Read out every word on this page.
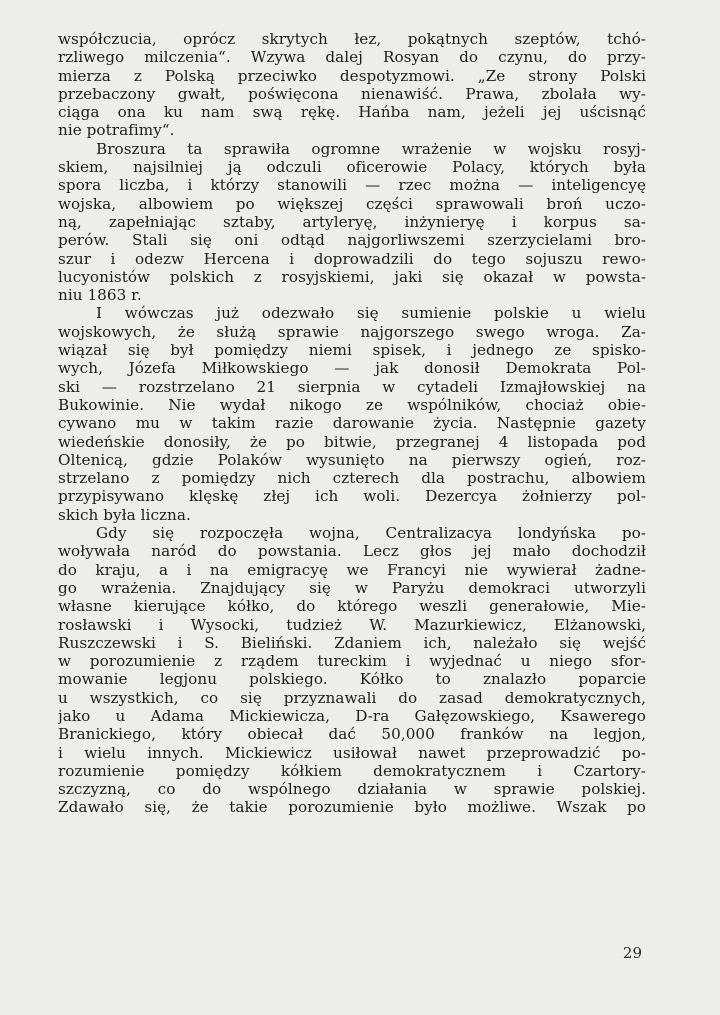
współczucia, oprócz skrytych łez, pokątnych szeptów, tchó-
rzliwego milczenia“. Wzywa dalej Rosyan do czynu, do przy-
mierza z Polską przeciwko despotyzmowi. „Ze strony Polski
przebaczony gwałt, poświęcona nienawiść. Prawa, zbolała wy-
ciąga ona ku nam swą rękę. Hańba nam, jeżeli jej uścisnąć
nie potrafimy“.
Broszura ta sprawiła ogromne wrażenie w wojsku rosyj-
skiem, najsilniej ją odczuli oficerowie Polacy, których była
spora liczba, i którzy stanowili — rzec można — inteligencyę
wojska, albowiem po większej części sprawowali broń uczo-
ną, zapełniając sztaby, artyleryę, inżynieryę i korpus sa-
perów. Stali się oni odtąd najgorliwszemi szerzycielami bro-
szur i odezw Hercena i doprowadzili do tego sojuszu rewo-
lucyonistów polskich z rosyjskiemi, jaki się okazał w powsta-
niu 1863 r.
I wówczas już odezwało się sumienie polskie u wielu
wojskowych, że służą sprawie najgorszego swego wroga. Za-
wiązał się był pomiędzy niemi spisek, i jednego ze spisko-
wych, Józefa Miłkowskiego — jak donosił Demokrata Pol-
ski — rozstrzelano 21 sierpnia w cytadeli Izmajłowskiej na
Bukowinie. Nie wydał nikogo ze wspólników, chociaż obie-
cywano mu w takim razie darowanie życia. Następnie gazety
wiedeńskie donosiły, że po bitwie, przegranej 4 listopada pod
Oltenicą, gdzie Polaków wysunięto na pierwszy ogień, roz-
strzelano z pomiędzy nich czterech dla postrachu, albowiem
przypisywano klęskę złej ich woli. Dezercya żołnierzy pol-
skich była liczna.
Gdy się rozpoczęła wojna, Centralizacya londyńska po-
woływała naród do powstania. Lecz głos jej mało dochodził
do kraju, a i na emigracyę we Francyi nie wywierał żadne-
go wrażenia. Znajdujący się w Paryżu demokraci utworzyli
własne kierujące kółko, do którego weszli generałowie, Mie-
rosławski i Wysocki, tudzież W. Mazurkiewicz, Elżanowski,
Ruszczewski i S. Bieliński. Zdaniem ich, należało się wejść
w porozumienie z rządem tureckim i wyjednać u niego sfor-
mowanie legjonu polskiego. Kółko to znalazło poparcie
u wszystkich, co się przyznawali do zasad demokratycznych,
jako u Adama Mickiewicza, D-ra Gałęzowskiego, Ksawerego
Branickiego, który obiecał dać 50,000 franków na legjon,
i wielu innych. Mickiewicz usiłował nawet przeprowadzić po-
rozumienie pomiędzy kółkiem demokratycznem i Czartory-
szczyzną, co do wspólnego działania w sprawie polskiej.
Zdawało się, że takie porozumienie było możliwe. Wszak po
29
